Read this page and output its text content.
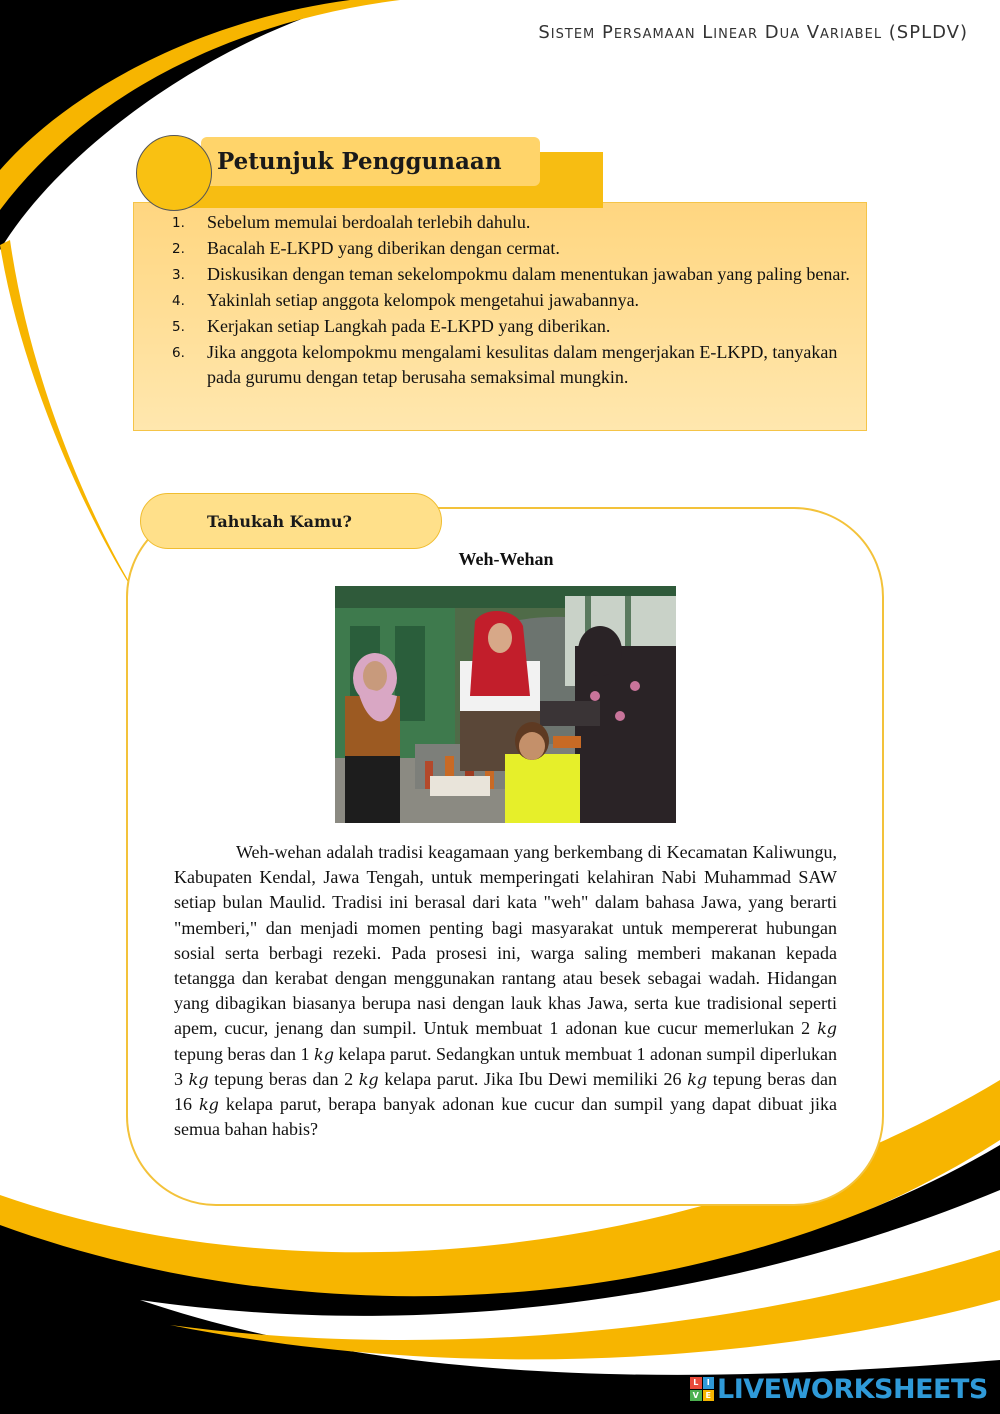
Sistem Persamaan Linear Dua Variabel (SPLDV)
Petunjuk Penggunaan
1.	Sebelum memulai berdoalah terlebih dahulu.
2.	Bacalah E-LKPD yang diberikan dengan cermat.
3.	Diskusikan dengan teman sekelompokmu dalam menentukan jawaban yang paling benar.
4.	Yakinlah setiap anggota kelompok mengetahui jawabannya.
5.	Kerjakan setiap Langkah pada E-LKPD yang diberikan.
6.	Jika anggota kelompokmu mengalami kesulitas dalam mengerjakan E-LKPD, tanyakan pada gurumu dengan tetap berusaha semaksimal mungkin.
Tahukah Kamu?
Weh-Wehan

Weh-wehan adalah tradisi keagamaan yang berkembang di Kecamatan Kaliwungu, Kabupaten Kendal, Jawa Tengah, untuk memperingati kelahiran Nabi Muhammad SAW setiap bulan Maulid. Tradisi ini berasal dari kata "weh" dalam bahasa Jawa, yang berarti "memberi," dan menjadi momen penting bagi masyarakat untuk mempererat hubungan sosial serta berbagi rezeki. Pada prosesi ini, warga saling memberi makanan kepada tetangga dan kerabat dengan menggunakan rantang atau besek sebagai wadah. Hidangan yang dibagikan biasanya berupa nasi dengan lauk khas Jawa, serta kue tradisional seperti apem, cucur, jenang dan sumpil. Untuk membuat 1 adonan kue cucur memerlukan 2 kg tepung beras dan 1 kg kelapa parut. Sedangkan untuk membuat 1 adonan sumpil diperlukan 3 kg tepung beras dan 2 kg kelapa parut. Jika Ibu Dewi memiliki 26 kg tepung beras dan 16 kg kelapa parut, berapa banyak adonan kue cucur dan sumpil yang dapat dibuat jika semua bahan habis?

L	I
V E LIVEWORKSHEETS
